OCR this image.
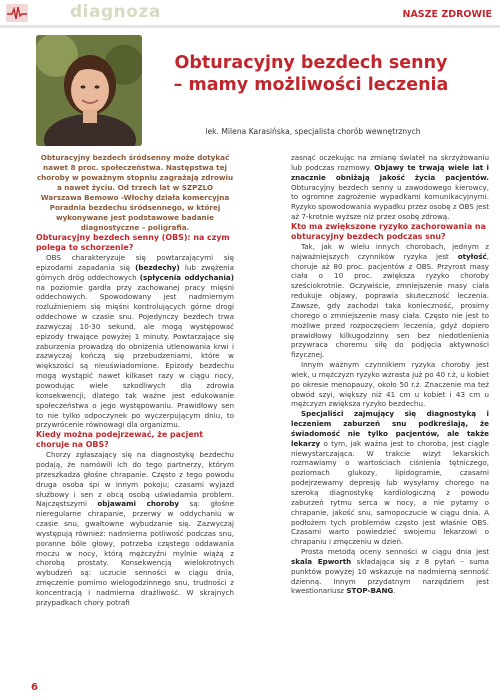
diagnoza	NASZE ZDROWIE
Obturacyjny bezdech senny
– mamy możliwości leczenia
lek. Milena Karasińska, specjalista chorób wewnętrznych

Obturacyjny bezdech śródsenny może dotykać nawet 8 proc. społeczeństwa. Następstwa tej choroby w poważnym stopniu zagrażają zdrowiu a nawet życiu. Od trzech lat w SZPZLO Warszawa Bemowo -Włochy działa komercyjna Poradnia bezdechu śródsennego, w której wykonywane jest podstawowe badanie diagnostyczne – poligrafia.

Obturacyjny bezdech senny (OBS): na czym polega to schorzenie?

OBS charakteryzuje się powtarzającymi się epizodami zapadania się (bezdechy) lub zwężenia górnych dróg oddechowych (spłycenia oddychania) na poziomie gardła przy zachowanej pracy mięśni oddechowych. Spowodowany jest nadmiernym rozluźnieniem się mięśni kontrolujących górne drogi oddechowe w czasie snu. Pojedynczy bezdech trwa zazwyczaj 10-30 sekund, ale mogą występować epizody trwające powyżej 1 minuty. Powtarzające się zaburzenia prowadzą do obniżenia utlenowania krwi i zazwyczaj kończą się przebudzeniami, które w większości są nieuświadomione. Epizody bezdechu mogą wystąpić nawet kilkaset razy w ciągu nocy, powodując wiele szkodliwych dla zdrowia konsekwencji, dlatego tak ważne jest edukowanie społeczeństwa o jego występowaniu. Prawidłowy sen to nie tylko odpoczynek po wyczerpującym dniu, to przywrócenie równowagi dla organizmu.

Kiedy można podejrzewać, że pacjent choruje na OBS?

Chorzy zgłaszający się na diagnostykę bezdechu podają, że namówili ich do tego partnerzy, którym przeszkadza głośne chrapanie. Często z tego powodu druga osoba śpi w innym pokoju; czasami wyjazd służbowy i sen z obcą osobą uświadamia problem. Najczęstszymi objawami choroby są: głośne nieregularne chrapanie, przerwy w oddychaniu w czasie snu, gwałtowne wybudzanie się. Zazwyczaj występują również: nadmierna potliwość podczas snu, poranne bóle głowy, potrzeba częstego oddawania moczu w nocy, którą mężczyźni mylnie wiążą z chorobą prostaty. Konsekwencją wielokrotnych wybudzeń są: uczucie senności w ciągu dnia, zmęczenie pomimo wielogodzinnego snu, trudności z koncentracją i nadmierna drażliwość. W skrajnych przypadkach chory potrafi

zasnąć oczekując na zmianę świateł na skrzyżowaniu lub podczas rozmowy. Objawy te trwają wiele lat i znacznie obniżają jakość życia pacjentów. Obturacyjny bezdech senny u zawodowego kierowcy, to ogromne zagrożenie wypadkami komunikacyjnymi. Ryzyko spowodowania wypadku przez osobę z OBS jest aż 7-krotnie wyższe niż przez osobę zdrową.

Kto ma zwiększone ryzyko zachorowania na obturacyjny bezdech podczas snu?

Tak, jak w wielu innych chorobach, jednym z najważniejszych czynników ryzyka jest otyłość, choruje aż 80 proc. pacjentów z OBS. Przyrost masy ciała o 10 proc. zwiększa ryzyko choroby sześciokrotnie. Oczywiście, zmniejszenie masy ciała redukuje objawy, poprawia skuteczność leczenia. Zawsze, gdy zachodzi taka konieczność, prosimy chorego o zmniejszenie masy ciała. Często nie jest to możliwe przed rozpoczęciem leczenia, gdyż dopiero prawidłowy kilkugodzinny sen bez niedotlenienia przywraca choremu siłę do podjęcia aktywności fizycznej.

Innym ważnym czynnikiem ryzyka choroby jest wiek, u mężczyzn ryzyko wzrasta już po 40 r.ż, u kobiet po okresie menopauzy, około 50 r.ż. Znaczenie ma też obwód szyi, większy niż 41 cm u kobiet i 43 cm u mężczyzn zwiększa ryzyko bezdechu.

Specjaliści zajmujący się diagnostyką i leczeniem zaburzeń snu podkreślają, że świadomość nie tylko pacjentów, ale także lekarzy o tym, jak ważna jest to choroba, jest ciągle niewystarczająca. W trakcie wizyt lekarskich rozmawiamy o wartościach ciśnienia tętniczego, poziomach glukozy, lipidogramie, czasami podejrzewamy depresję lub wysyłamy chorego na szeroką diagnostykę kardiologiczną z powodu zaburzeń rytmu serca w nocy, a nie pytamy o chrapanie, jakość snu, samopoczucie w ciągu dnia. A podłożem tych problemów często jest właśnie OBS. Czasami warto powiedzieć swojemu lekarzowi o chrapaniu i zmęczeniu w dzień.

Prosta metodą oceny senności w ciągu dnia jest skala Epworth składająca się z 8 pytań – suma punktów powyżej 10 wskazuje na nadmierną senność dzienną. Innym przydatnym narzędziem jest kwestionariusz STOP-BANG.

6
